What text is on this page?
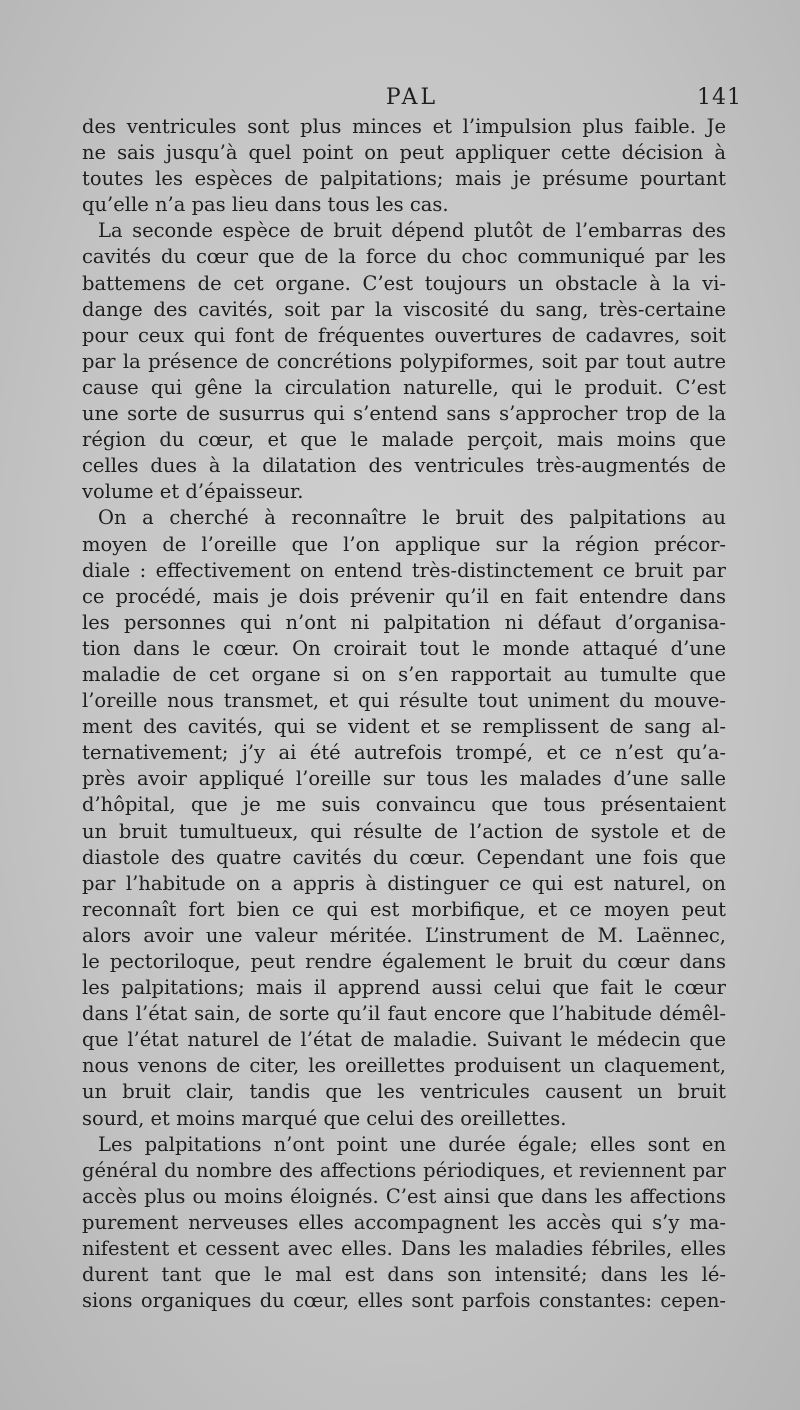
PAL	141
des ventricules sont plus minces et l’impulsion plus faible. Je
ne sais jusqu’à quel point on peut appliquer cette décision à
toutes les espèces de palpitations; mais je présume pourtant
qu’elle n’a pas lieu dans tous les cas.
La seconde espèce de bruit dépend plutôt de l’embarras des
cavités du cœur que de la force du choc communiqué par les
battemens de cet organe. C’est toujours un obstacle à la vi-
dange des cavités, soit par la viscosité du sang, très-certaine
pour ceux qui font de fréquentes ouvertures de cadavres, soit
par la présence de concrétions polypiformes, soit par tout autre
cause qui gêne la circulation naturelle, qui le produit. C’est
une sorte de susurrus qui s’entend sans s’approcher trop de la
région du cœur, et que le malade perçoit, mais moins que
celles dues à la dilatation des ventricules très-augmentés de
volume et d’épaisseur.
On a cherché à reconnaître le bruit des palpitations au
moyen de l’oreille que l’on applique sur la région précor-
diale : effectivement on entend très-distinctement ce bruit par
ce procédé, mais je dois prévenir qu’il en fait entendre dans
les personnes qui n’ont ni palpitation ni défaut d’organisa-
tion dans le cœur. On croirait tout le monde attaqué d’une
maladie de cet organe si on s’en rapportait au tumulte que
l’oreille nous transmet, et qui résulte tout uniment du mouve-
ment des cavités, qui se vident et se remplissent de sang al-
ternativement; j’y ai été autrefois trompé, et ce n’est qu’a-
près avoir appliqué l’oreille sur tous les malades d’une salle
d’hôpital, que je me suis convaincu que tous présentaient
un bruit tumultueux, qui résulte de l’action de systole et de
diastole des quatre cavités du cœur. Cependant une fois que
par l’habitude on a appris à distinguer ce qui est naturel, on
reconnaît fort bien ce qui est morbifique, et ce moyen peut
alors avoir une valeur méritée. L’instrument de M. Laënnec,
le pectoriloque, peut rendre également le bruit du cœur dans
les palpitations; mais il apprend aussi celui que fait le cœur
dans l’état sain, de sorte qu’il faut encore que l’habitude démêl-
que l’état naturel de l’état de maladie. Suivant le médecin que
nous venons de citer, les oreillettes produisent un claquement,
un bruit clair, tandis que les ventricules causent un bruit
sourd, et moins marqué que celui des oreillettes.
Les palpitations n’ont point une durée égale; elles sont en
général du nombre des affections périodiques, et reviennent par
accès plus ou moins éloignés. C’est ainsi que dans les affections
purement nerveuses elles accompagnent les accès qui s’y ma-
nifestent et cessent avec elles. Dans les maladies fébriles, elles
durent tant que le mal est dans son intensité; dans les lé-
sions organiques du cœur, elles sont parfois constantes: cepen-
